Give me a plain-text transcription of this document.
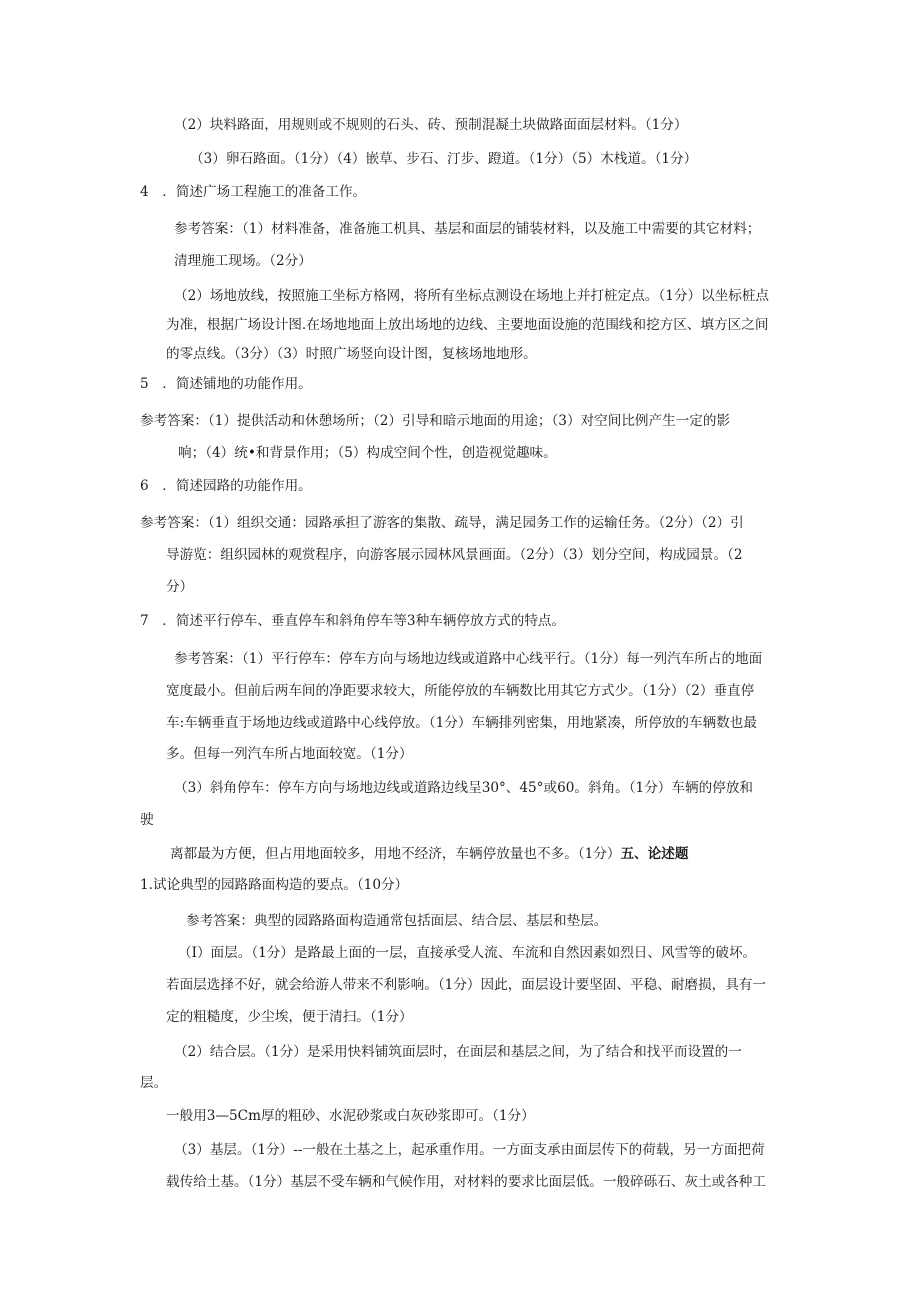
（2）块料路面，用规则或不规则的石头、砖、预制混凝土块做路面面层材料。（1分）
（3）卵石路面。（1分）（4）嵌草、步石、汀步、蹬道。（1分）（5）木栈道。（1分）
4　．简述广场工程施工的准备工作。
参考答案：（1）材料准备，准备施工机具、基层和面层的铺装材料，以及施工中需要的其它材料；
清理施工现场。（2分）
（2）场地放线，按照施工坐标方格网，将所有坐标点测设在场地上并打桩定点。（1分）以坐标桩点
为准，根据广场设计图.在场地地面上放出场地的边线、主要地面设施的范围线和挖方区、填方区之间
的零点线。（3分）（3）时照广场竖向设计图，复核场地地形。
5　．简述铺地的功能作用。
参考答案：（1）提供活动和休憩场所；（2）引导和暗示地面的用途；（3）对空间比例产生一定的影
响；（4）统•和背景作用；（5）构成空间个性，创造视觉趣味。
6　．简述园路的功能作用。
参考答案：（1）组织交通：园路承担了游客的集散、疏导，满足园务工作的运输任务。（2分）（2）引
导游览：组织园林的观赏程序，向游客展示园林风景画面。（2分）（3）划分空间，构成园景。（2
分）
7　．简述平行停车、垂直停车和斜角停车等3种车辆停放方式的特点。
参考答案：（1）平行停车：停车方向与场地边线或道路中心线平行。（1分）每一列汽车所占的地面
宽度最小。但前后两车间的净距要求较大，所能停放的车辆数比用其它方式少。（1分）（2）垂直停
车:车辆垂直于场地边线或道路中心线停放。（1分）车辆排列密集，用地紧凑，所停放的车辆数也最
多。但每一列汽车所占地面较宽。（1分）
（3）斜角停车：停车方向与场地边线或道路边线呈30°、45°或60。斜角。（1分）车辆的停放和
驶
离都最为方便，但占用地面较多，用地不经济，车辆停放量也不多。（1分）五、论述题
1.试论典型的园路路面构造的要点。（10分）
参考答案：典型的园路路面构造通常包括面层、结合层、基层和垫层。
（I）面层。（1分）是路最上面的一层，直接承受人流、车流和自然因素如烈日、风雪等的破坏。
若面层选择不好，就会给游人带来不利影响。（1分）因此，面层设计要坚固、平稳、耐磨损，具有一
定的粗糙度，少尘埃，便于清扫。（1分）
（2）结合层。（1分）是采用快料铺筑面层时，在面层和基层之间，为了结合和找平而设置的一
层。
一般用3—5Cm厚的粗砂、水泥砂浆或白灰砂浆即可。（1分）
（3）基层。（1分）--一般在土基之上，起承重作用。一方面支承由面层传下的荷载，另一方面把荷
载传给土基。（1分）基层不受车辆和气候作用，对材料的要求比面层低。一般碎砾石、灰土或各种工
